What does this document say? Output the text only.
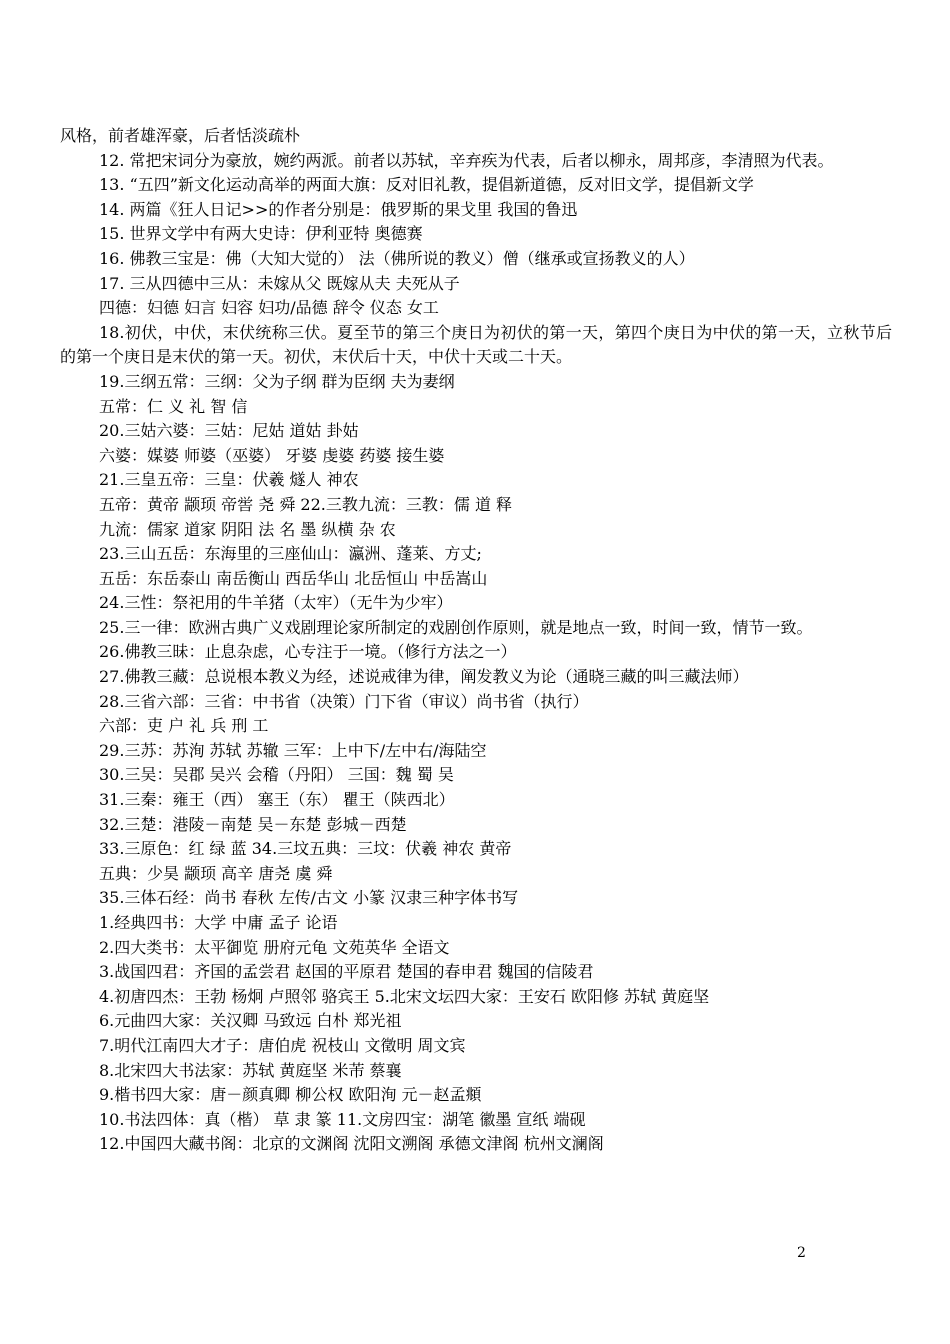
风格，前者雄浑豪，后者恬淡疏朴
12. 常把宋词分为豪放，婉约两派。前者以苏轼，辛弃疾为代表，后者以柳永，周邦彦，李清照为代表。
13. “五四”新文化运动高举的两面大旗：反对旧礼教，提倡新道德，反对旧文学，提倡新文学
14. 两篇《狂人日记>>的作者分别是：俄罗斯的果戈里 我国的鲁迅
15. 世界文学中有两大史诗：伊利亚特 奥德赛
16. 佛教三宝是：佛（大知大觉的） 法（佛所说的教义）僧（继承或宣扬教义的人）
17. 三从四德中三从：未嫁从父 既嫁从夫 夫死从子
四德：妇德 妇言 妇容 妇功/品德 辞令 仪态 女工
18.初伏，中伏，末伏统称三伏。夏至节的第三个庚日为初伏的第一天，第四个庚日为中伏的第一天，立秋节后的第一个庚日是末伏的第一天。初伏，末伏后十天，中伏十天或二十天。
19.三纲五常：三纲：父为子纲 群为臣纲 夫为妻纲
五常：仁 义 礼 智 信
20.三姑六婆：三姑：尼姑 道姑 卦姑
六婆：媒婆 师婆（巫婆） 牙婆 虔婆 药婆 接生婆
21.三皇五帝：三皇：伏羲 燧人 神农
五帝：黄帝 颛顼 帝喾 尧 舜 22.三教九流：三教：儒 道 释
九流：儒家 道家 阴阳 法 名 墨 纵横 杂 农
23.三山五岳：东海里的三座仙山：瀛洲、蓬莱、方丈;
五岳：东岳泰山 南岳衡山 西岳华山 北岳恒山 中岳嵩山
24.三性：祭祀用的牛羊猪（太牢）（无牛为少牢）
25.三一律：欧洲古典广义戏剧理论家所制定的戏剧创作原则，就是地点一致，时间一致，情节一致。
26.佛教三昧：止息杂虑，心专注于一境。（修行方法之一）
27.佛教三藏：总说根本教义为经，述说戒律为律，阐发教义为论（通晓三藏的叫三藏法师）
28.三省六部：三省：中书省（决策）门下省（审议）尚书省（执行）
六部：吏 户 礼 兵 刑 工
29.三苏：苏洵 苏轼 苏辙 三军：上中下/左中右/海陆空
30.三吴：吴郡 吴兴 会稽（丹阳） 三国：魏 蜀 吴
31.三秦：雍王（西） 塞王（东） 瞿王（陕西北）
32.三楚：港陵－南楚 吴－东楚 彭城－西楚
33.三原色：红 绿 蓝 34.三坟五典：三坟：伏羲 神农 黄帝
五典：少昊 颛顼 高辛 唐尧 虞 舜
35.三体石经：尚书 春秋 左传/古文 小篆 汉隶三种字体书写
1.经典四书：大学 中庸 孟子 论语
2.四大类书：太平御览 册府元龟 文苑英华 全语文
3.战国四君：齐国的孟尝君 赵国的平原君 楚国的春申君 魏国的信陵君
4.初唐四杰：王勃 杨炯 卢照邻 骆宾王 5.北宋文坛四大家：王安石 欧阳修 苏轼 黄庭坚
6.元曲四大家：关汉卿 马致远 白朴 郑光祖
7.明代江南四大才子：唐伯虎 祝枝山 文徵明 周文宾
8.北宋四大书法家：苏轼 黄庭坚 米芾 蔡襄
9.楷书四大家：唐－颜真卿 柳公权 欧阳洵 元－赵孟頫
10.书法四体：真（楷） 草 隶 篆 11.文房四宝：湖笔 徽墨 宣纸 端砚
12.中国四大藏书阁：北京的文渊阁 沈阳文溯阁 承德文津阁 杭州文澜阁
2
